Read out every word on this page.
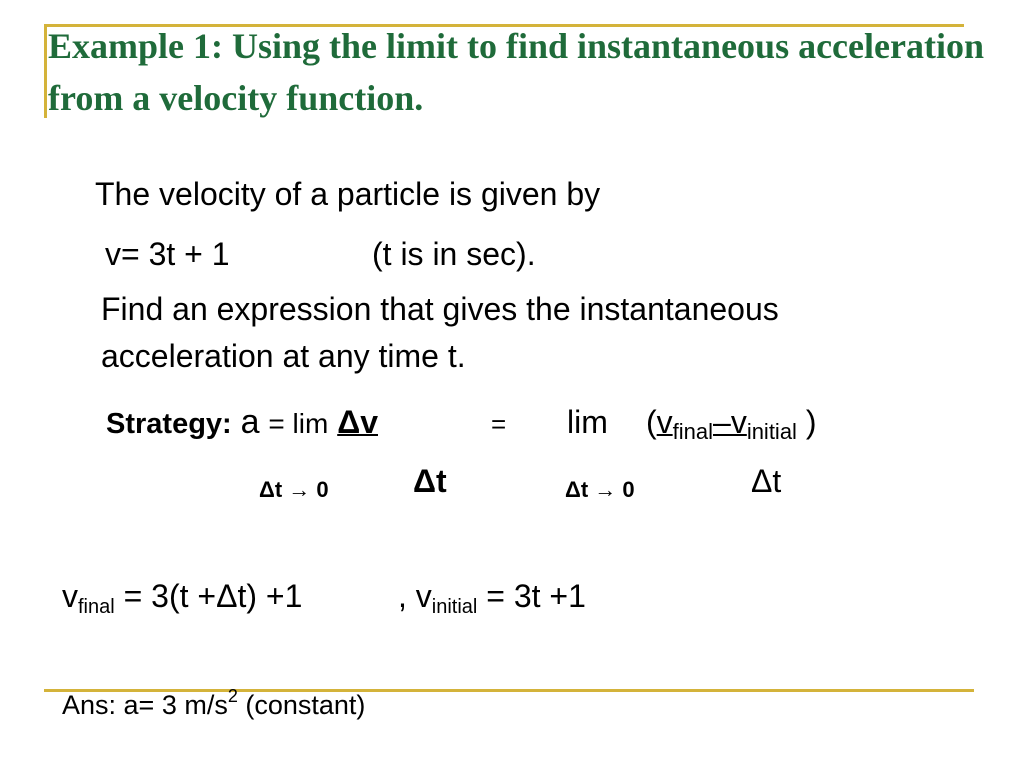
Example 1: Using the limit to find instantaneous acceleration from a velocity function.
The velocity of a particle is given by
v= 3t + 1	(t is in sec).
Find an expression that gives the instantaneous
acceleration at any time t.
Strategy: a = lim Δv	= $\lim (v_{final}-v_{initial}$ )
Δt → 0	Δt	Δt → 0	Δt
vfinal = 3(t +Δt) +1	, vinitial = 3t +1
Ans: a= 3 $m/s^2$ (constant)
